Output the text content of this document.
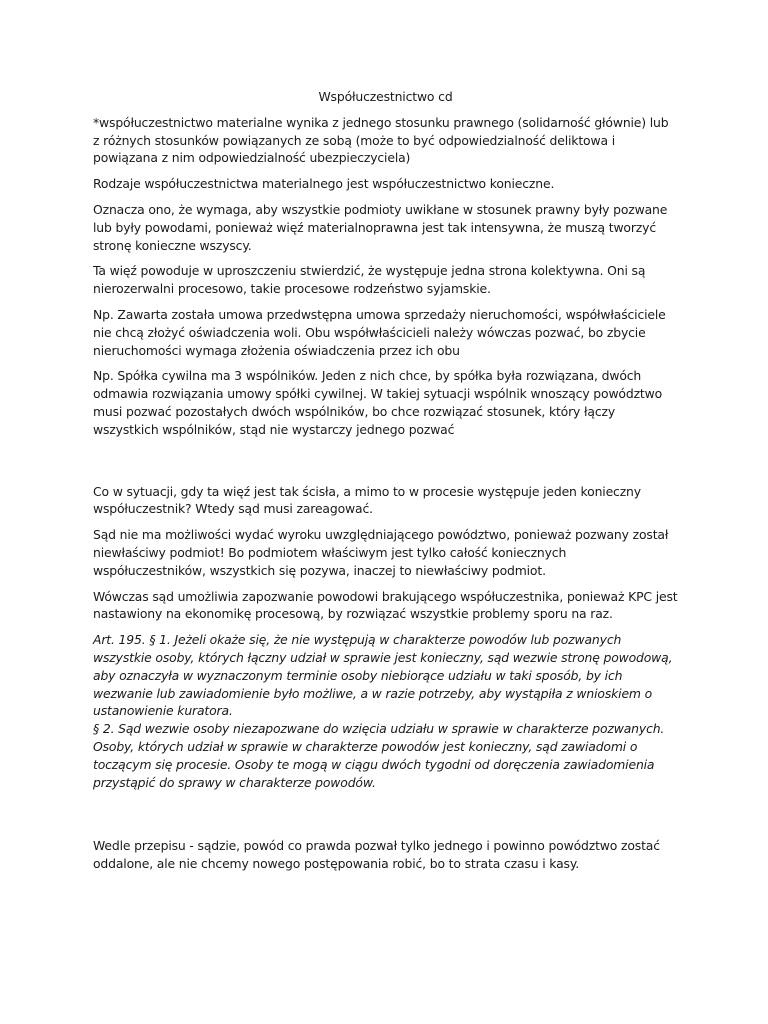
Współuczestnictwo cd
*współuczestnictwo materialne wynika z jednego stosunku prawnego (solidarność głównie) lub z różnych stosunków powiązanych ze sobą (może to być odpowiedzialność deliktowa i powiązana z nim odpowiedzialność ubezpieczyciela)
Rodzaje współuczestnictwa materialnego jest współuczestnictwo konieczne.
Oznacza ono, że wymaga, aby wszystkie podmioty uwikłane w stosunek prawny były pozwane lub były powodami, ponieważ więź materialnoprawna jest tak intensywna, że muszą tworzyć stronę konieczne wszyscy.
Ta więź powoduje w uproszczeniu stwierdzić, że występuje jedna strona kolektywna. Oni są nierozerwalni procesowo, takie procesowe rodzeństwo syjamskie.
Np. Zawarta została umowa przedwstępna umowa sprzedaży nieruchomości, współwłaściciele nie chcą złożyć oświadczenia woli. Obu współwłaścicieli należy wówczas pozwać, bo zbycie nieruchomości wymaga złożenia oświadczenia przez ich obu
Np. Spółka cywilna ma 3 wspólników. Jeden z nich chce, by spółka była rozwiązana, dwóch odmawia rozwiązania umowy spółki cywilnej. W takiej sytuacji wspólnik wnoszący powództwo musi pozwać pozostałych dwóch wspólników, bo chce rozwiązać stosunek, który łączy wszystkich wspólników, stąd nie wystarczy jednego pozwać
Co w sytuacji, gdy ta więź jest tak ścisła, a mimo to w procesie występuje jeden konieczny współuczestnik? Wtedy sąd musi zareagować.
Sąd nie ma możliwości wydać wyroku uwzględniającego powództwo, ponieważ pozwany został niewłaściwy podmiot! Bo podmiotem właściwym jest tylko całość koniecznych współuczestników, wszystkich się pozywa, inaczej to niewłaściwy podmiot.
Wówczas sąd umożliwia zapozwanie powodowi brakującego współuczestnika, ponieważ KPC jest nastawiony na ekonomikę procesową, by rozwiązać wszystkie problemy sporu na raz.
Art. 195. § 1. Jeżeli okaże się, że nie występują w charakterze powodów lub pozwanych wszystkie osoby, których łączny udział w sprawie jest konieczny, sąd wezwie stronę powodową, aby oznaczyła w wyznaczonym terminie osoby niebiorące udziału w taki sposób, by ich wezwanie lub zawiadomienie było możliwe, a w razie potrzeby, aby wystąpiła z wnioskiem o ustanowienie kuratora.
§ 2. Sąd wezwie osoby niezapozwane do wzięcia udziału w sprawie w charakterze pozwanych. Osoby, których udział w sprawie w charakterze powodów jest konieczny, sąd zawiadomi o toczącym się procesie. Osoby te mogą w ciągu dwóch tygodni od doręczenia zawiadomienia przystąpić do sprawy w charakterze powodów.
Wedle przepisu - sądzie, powód co prawda pozwał tylko jednego i powinno powództwo zostać oddalone, ale nie chcemy nowego postępowania robić, bo to strata czasu i kasy.
